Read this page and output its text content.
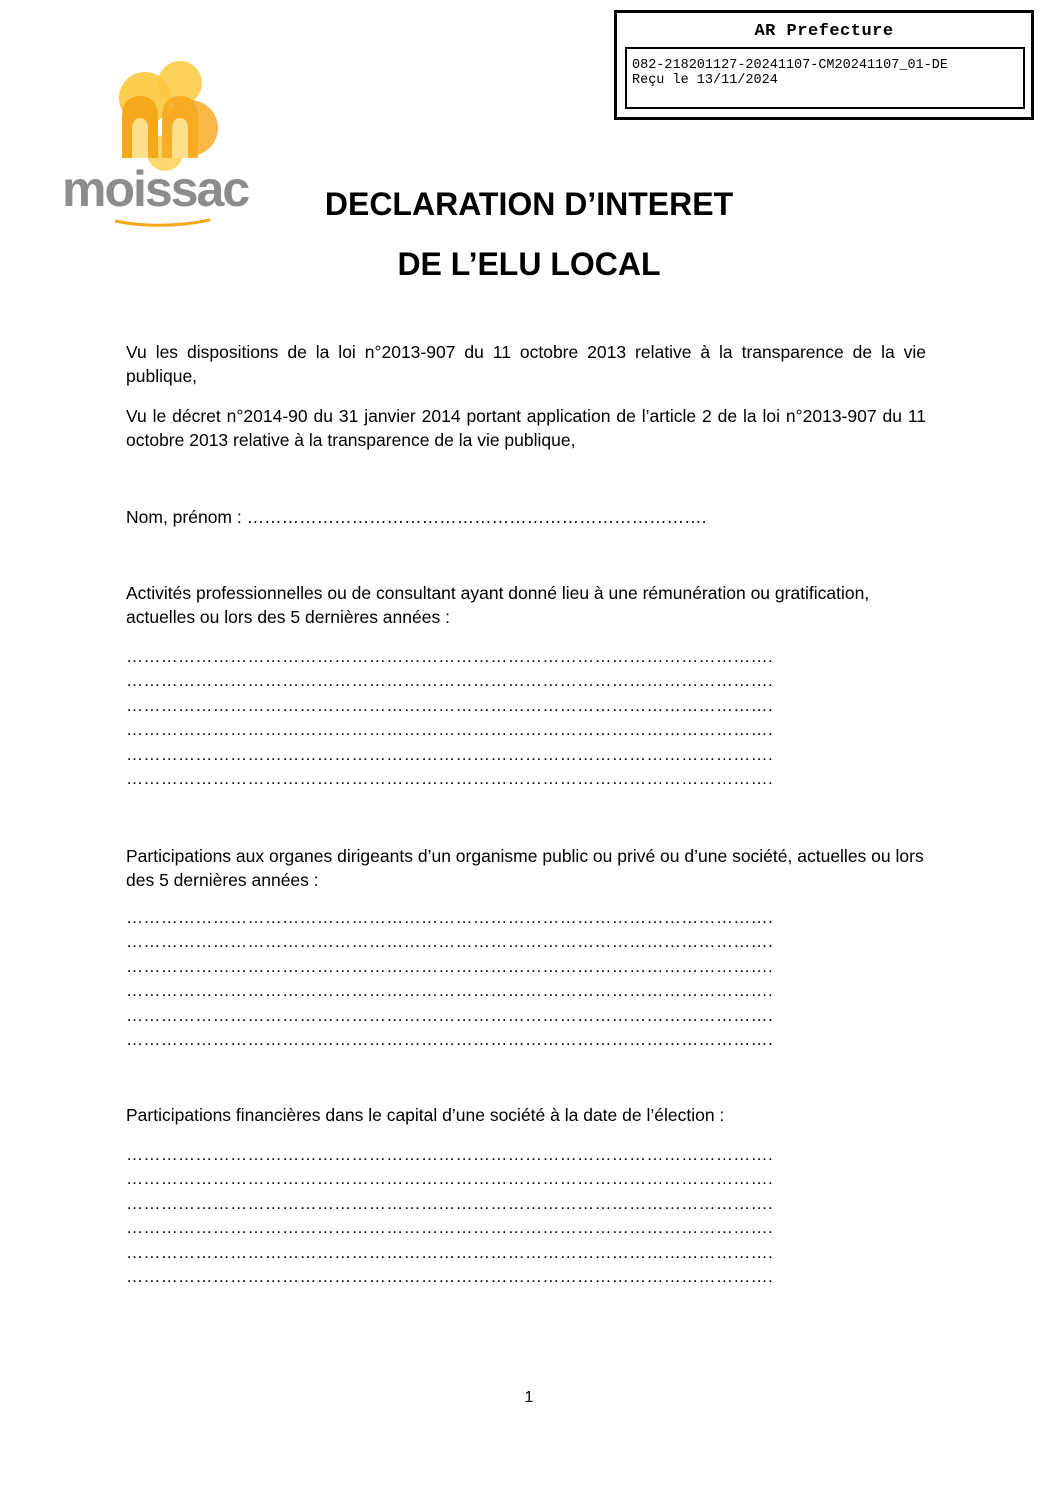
AR Prefecture
082-218201127-20241107-CM20241107_01-DE
Reçu le 13/11/2024
moissac	DECLARATION D’INTERET
DE L’ELU LOCAL

Vu les dispositions de la loi n°2013-907 du 11 octobre 2013 relative à la transparence de la vie publique,

Vu le décret n°2014-90 du 31 janvier 2014 portant application de l’article 2 de la loi n°2013-907 du 11 octobre 2013 relative à la transparence de la vie publique,

Nom, prénom : …………………………………………………………………….

Activités professionnelles ou de consultant ayant donné lieu à une rémunération ou gratification, actuelles ou lors des 5 dernières années :

………………………………………………………………………………………………….
………………………………………………………………………………………………….
………………………………………………………………………………………………….
………………………………………………………………………………………………….
………………………………………………………………………………………………….
………………………………………………………………………………………………….

Participations aux organes dirigeants d’un organisme public ou privé ou d’une société, actuelles ou lors des 5 dernières années :

………………………………………………………………………………………………….
………………………………………………………………………………………………….
………………………………………………………………………………………………….
………………………………………………………………………………………………….
………………………………………………………………………………………………….
………………………………………………………………………………………………….

Participations financières dans le capital d’une société à la date de l’élection :

………………………………………………………………………………………………….
………………………………………………………………………………………………….
………………………………………………………………………………………………….
………………………………………………………………………………………………….
………………………………………………………………………………………………….
………………………………………………………………………………………………….

1
